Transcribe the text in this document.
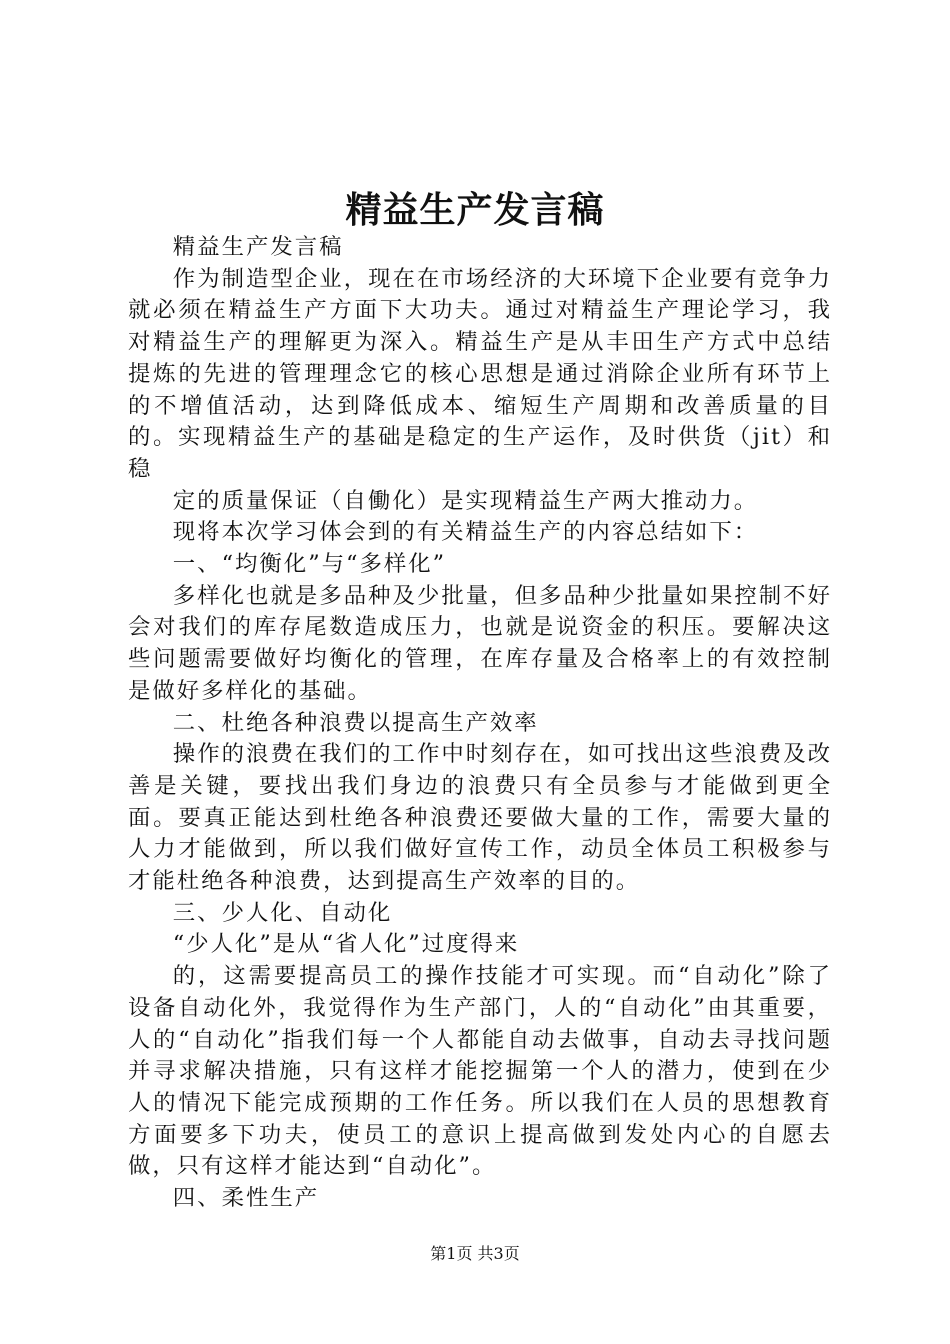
精益生产发言稿

精益生产发言稿

作为制造型企业，现在在市场经济的大环境下企业要有竞争力就必须在精益生产方面下大功夫。通过对精益生产理论学习，我对精益生产的理解更为深入。精益生产是从丰田生产方式中总结提炼的先进的管理理念它的核心思想是通过消除企业所有环节上的不增值活动，达到降低成本、缩短生产周期和改善质量的目的。实现精益生产的基础是稳定的生产运作，及时供货（jit）和稳

定的质量保证（自働化）是实现精益生产两大推动力。

现将本次学习体会到的有关精益生产的内容总结如下：

一、“均衡化”与“多样化”

多样化也就是多品种及少批量，但多品种少批量如果控制不好会对我们的库存尾数造成压力，也就是说资金的积压。要解决这些问题需要做好均衡化的管理，在库存量及合格率上的有效控制是做好多样化的基础。

二、杜绝各种浪费以提高生产效率

操作的浪费在我们的工作中时刻存在，如可找出这些浪费及改善是关键，要找出我们身边的浪费只有全员参与才能做到更全面。要真正能达到杜绝各种浪费还要做大量的工作，需要大量的人力才能做到，所以我们做好宣传工作，动员全体员工积极参与才能杜绝各种浪费，达到提高生产效率的目的。

三、少人化、自动化

“少人化”是从“省人化”过度得来

的，这需要提高员工的操作技能才可实现。而“自动化”除了设备自动化外，我觉得作为生产部门，人的“自动化”由其重要，人的“自动化”指我们每一个人都能自动去做事，自动去寻找问题并寻求解决措施，只有这样才能挖掘第一个人的潜力，使到在少人的情况下能完成预期的工作任务。所以我们在人员的思想教育方面要多下功夫，使员工的意识上提高做到发处内心的自愿去做，只有这样才能达到“自动化”。

四、柔性生产

第1页 共3页
